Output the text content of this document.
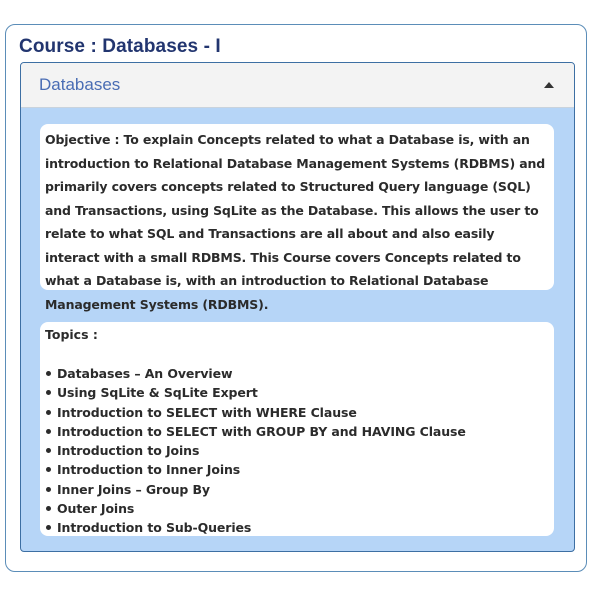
Course : Databases - I
Databases

Objective : To explain Concepts related to what a Database is, with an introduction to Relational Database Management Systems (RDBMS) and primarily covers concepts related to Structured Query language (SQL) and Transactions, using SqLite as the Database. This allows the user to relate to what SQL and Transactions are all about and also easily interact with a small RDBMS. This Course covers Concepts related to what a Database is, with an introduction to Relational Database Management Systems (RDBMS).

Topics :

Databases – An Overview
Using SqLite & SqLite Expert
Introduction to SELECT with WHERE Clause
Introduction to SELECT with GROUP BY and HAVING Clause
Introduction to Joins
Introduction to Inner Joins
Inner Joins – Group By
Outer Joins
Introduction to Sub-Queries
